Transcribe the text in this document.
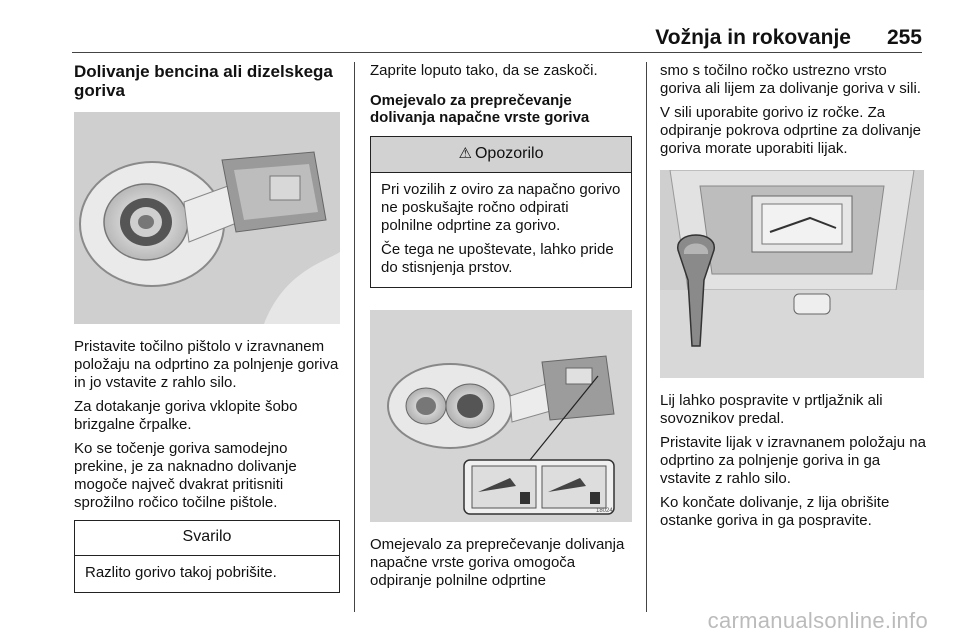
Vožnja in rokovanje 255
Dolivanje bencina ali dizelskega goriva

Pristavite točilno pištolo v izravnanem položaju na odprtino za polnjenje goriva in jo vstavite z rahlo silo.

Za dotakanje goriva vklopite šobo brizgalne črpalke.

Ko se točenje goriva samodejno prekine, je za naknadno dolivanje mogoče največ dvakrat pritisniti sprožilno ročico točilne pištole.

Svarilo

Razlito gorivo takoj pobrišite.

Zaprite loputo tako, da se zaskoči.

Omejevalo za preprečevanje dolivanja napačne vrste goriva
⚠ Opozorilo

Pri vozilih z oviro za napačno gorivo ne poskušajte ročno odpirati polnilne odprtine za gorivo.

Če tega ne upoštevate, lahko pride do stisnjenja prstov.

18024

Omejevalo za preprečevanje dolivanja napačne vrste goriva omogoča odpiranje polnilne odprtine

smo s točilno ročko ustrezno vrsto goriva ali lijem za dolivanje goriva v sili.

V sili uporabite gorivo iz ročke. Za odpiranje pokrova odprtine za dolivanje goriva morate uporabiti lijak.

Lij lahko pospravite v prtljažnik ali sovoznikov predal.

Pristavite lijak v izravnanem položaju na odprtino za polnjenje goriva in ga vstavite z rahlo silo.

Ko končate dolivanje, z lija obrišite ostanke goriva in ga pospravite.

carmanualsonline.info
